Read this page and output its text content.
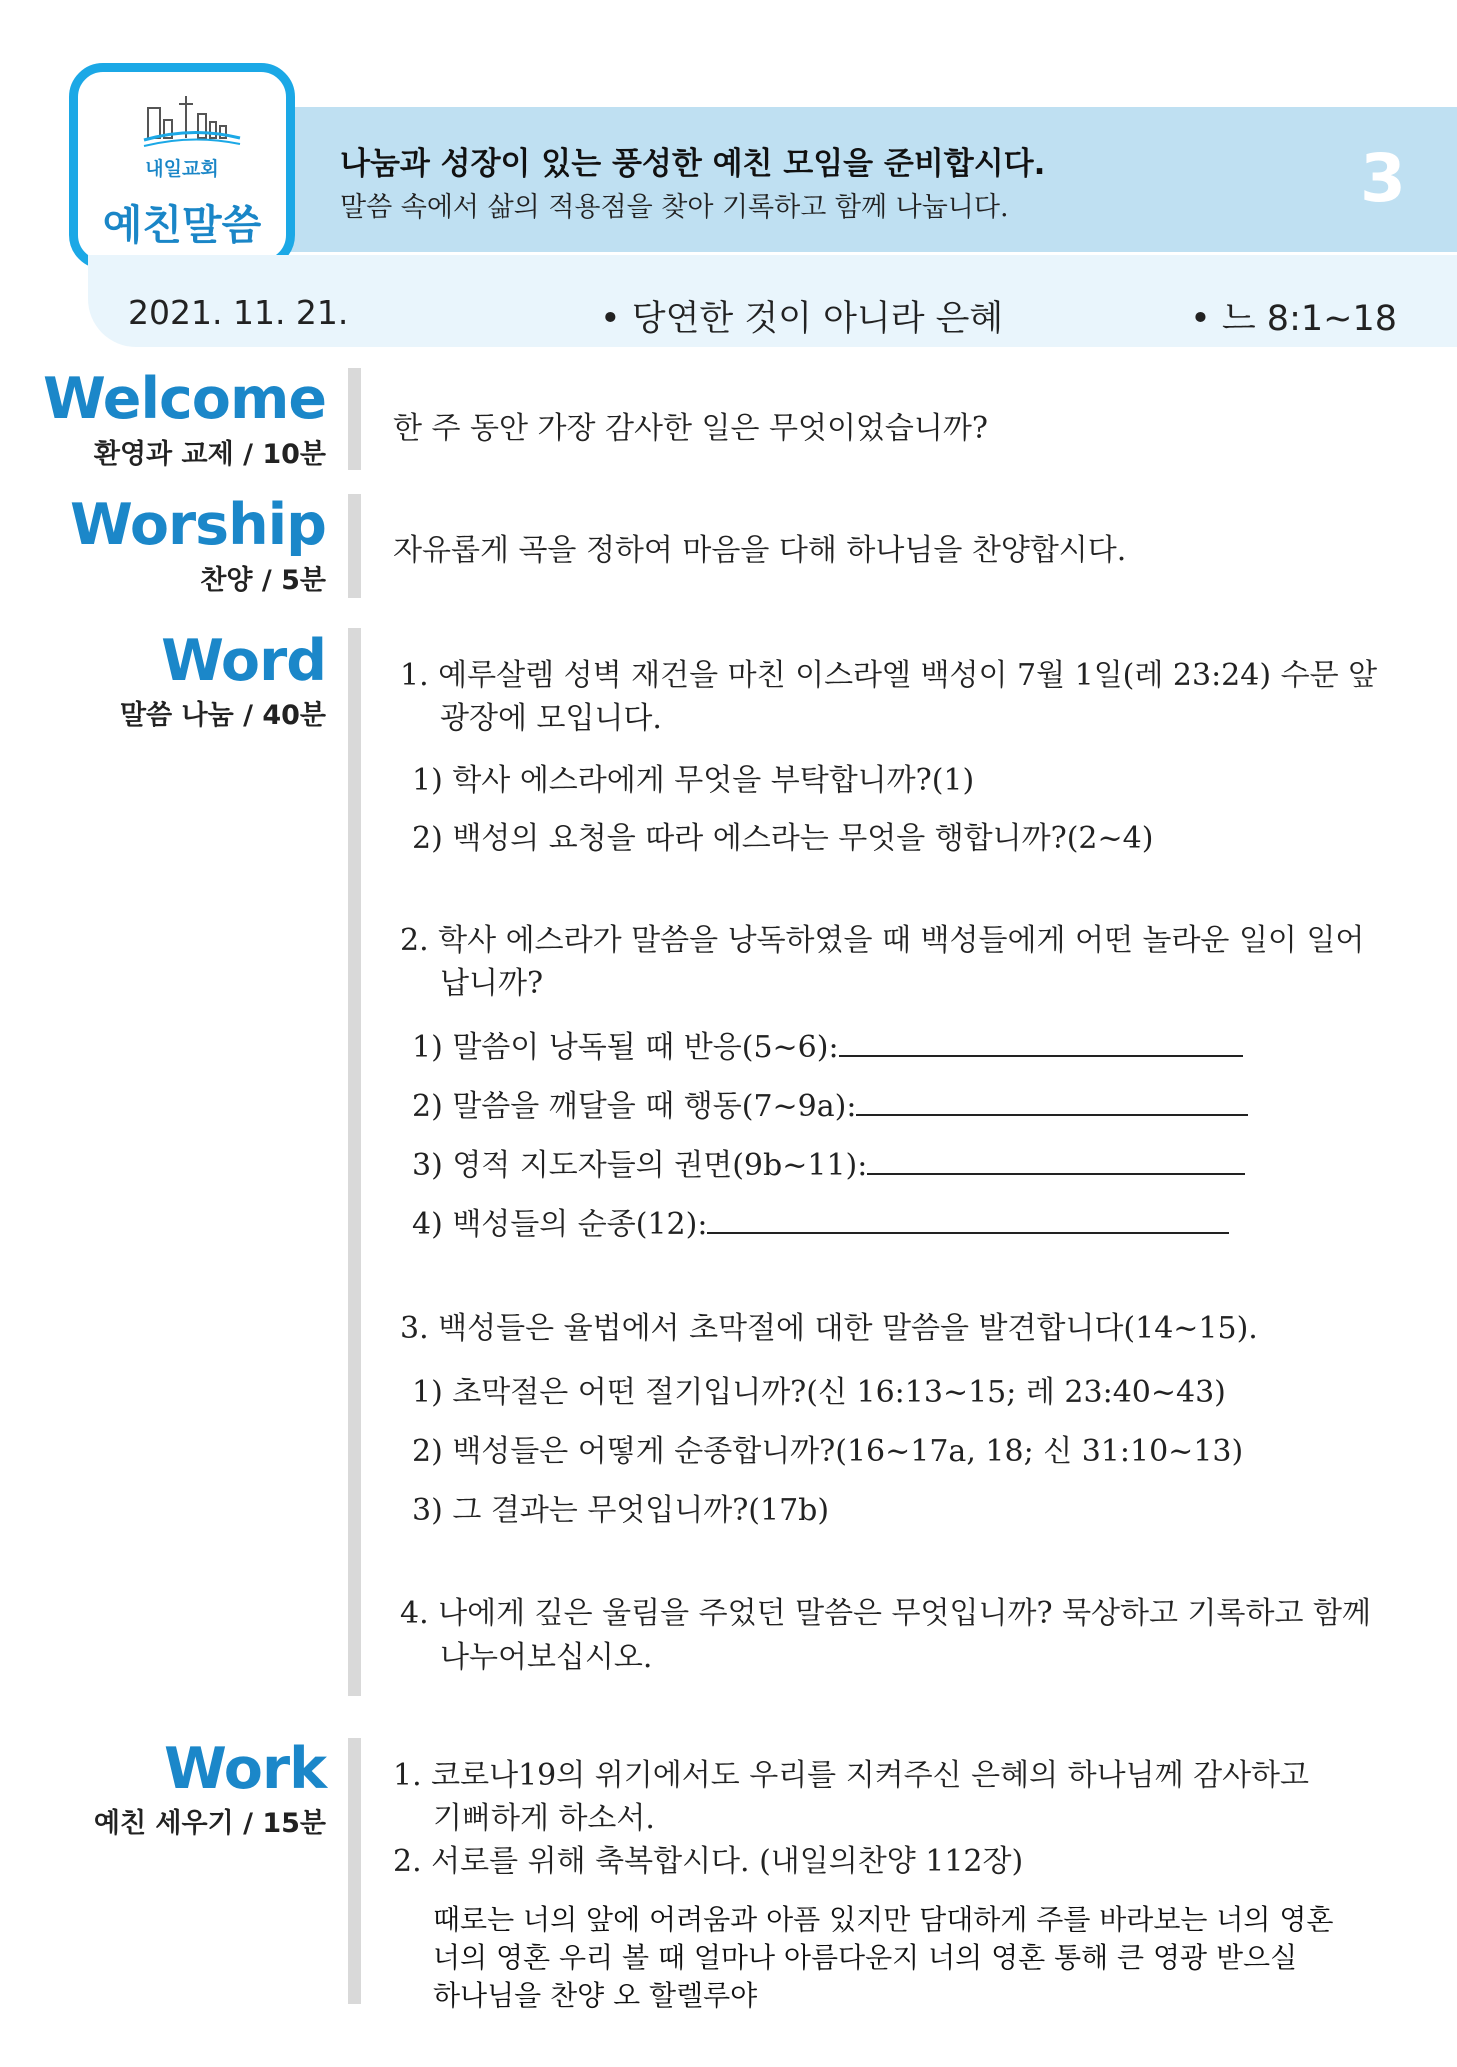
나눔과 성장이 있는 풍성한 예친 모임을 준비합시다.
말씀 속에서 삶의 적용점을 찾아 기록하고 함께 나눕니다.	3
내일교회
예친말씀
2021. 11. 21.	• 당연한 것이 아니라 은혜	• 느 8:1~18
Welcome
환영과 교제 / 10분
한 주 동안 가장 감사한 일은 무엇이었습니까?
Worship
찬양 / 5분
자유롭게 곡을 정하여 마음을 다해 하나님을 찬양합시다.
Word
말씀 나눔 / 40분
1. 예루살렘 성벽 재건을 마친 이스라엘 백성이 7월 1일(레 23:24) 수문 앞
광장에 모입니다.
1) 학사 에스라에게 무엇을 부탁합니까?(1)
2) 백성의 요청을 따라 에스라는 무엇을 행합니까?(2~4)
2. 학사 에스라가 말씀을 낭독하였을 때 백성들에게 어떤 놀라운 일이 일어
납니까?
1) 말씀이 낭독될 때 반응(5~6):
2) 말씀을 깨달을 때 행동(7~9a):
3) 영적 지도자들의 권면(9b~11):
4) 백성들의 순종(12):
3. 백성들은 율법에서 초막절에 대한 말씀을 발견합니다(14~15).
1) 초막절은 어떤 절기입니까?(신 16:13~15; 레 23:40~43)
2) 백성들은 어떻게 순종합니까?(16~17a, 18; 신 31:10~13)
3) 그 결과는 무엇입니까?(17b)
4. 나에게 깊은 울림을 주었던 말씀은 무엇입니까? 묵상하고 기록하고 함께
나누어보십시오.
Work
예친 세우기 / 15분
1. 코로나19의 위기에서도 우리를 지켜주신 은혜의 하나님께 감사하고
기뻐하게 하소서.
2. 서로를 위해 축복합시다. (내일의찬양 112장)
때로는 너의 앞에 어려움과 아픔 있지만 담대하게 주를 바라보는 너의 영혼
너의 영혼 우리 볼 때 얼마나 아름다운지 너의 영혼 통해 큰 영광 받으실
하나님을 찬양 오 할렐루야
